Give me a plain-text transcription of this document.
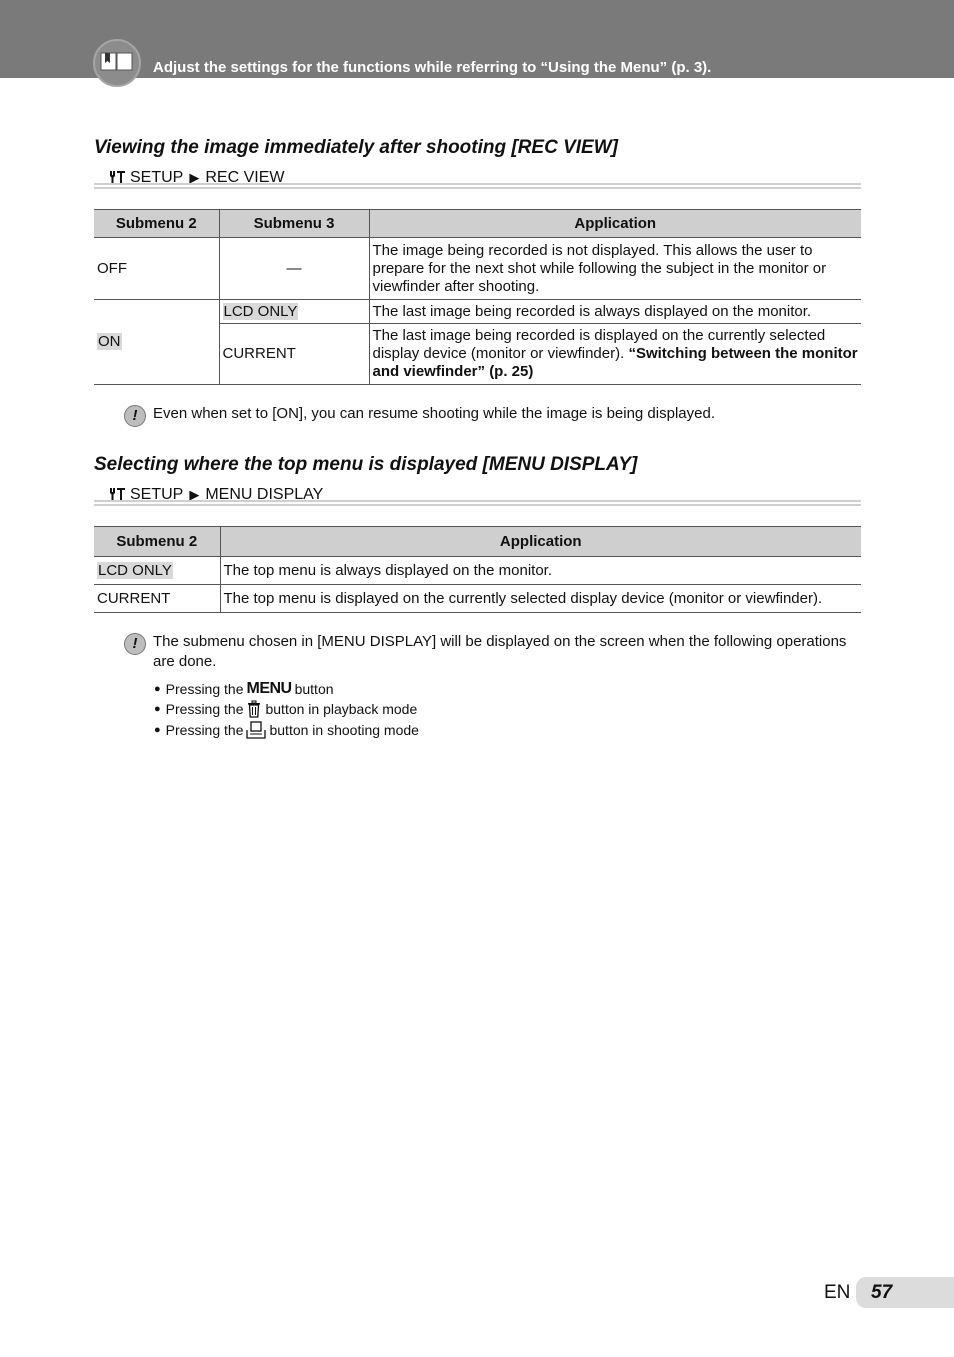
Adjust the settings for the functions while referring to “Using the Menu” (p. 3).
Viewing the image immediately after shooting [REC VIEW]
SETUP ▶ REC VIEW
Submenu 2	Submenu 3	Application
OFF	—	The image being recorded is not displayed. This allows the user to prepare for the next shot while following the subject in the monitor or viewfinder after shooting.
ON	LCD ONLY	The last image being recorded is always displayed on the monitor.
	CURRENT	The last image being recorded is displayed on the currently selected display device (monitor or viewfinder). “Switching between the monitor and viewfinder” (p. 25)
!	Even when set to [ON], you can resume shooting while the image is being displayed.
Selecting where the top menu is displayed [MENU DISPLAY]
SETUP ▶ MENU DISPLAY
Submenu 2	Application
LCD ONLY	The top menu is always displayed on the monitor.
CURRENT	The top menu is displayed on the currently selected display device (monitor or viewfinder).
!	The submenu chosen in [MENU DISPLAY] will be displayed on the screen when the following operations are done.
● Pressing the MENU button
● Pressing the button in playback mode
● Pressing the button in shooting mode
EN 57
